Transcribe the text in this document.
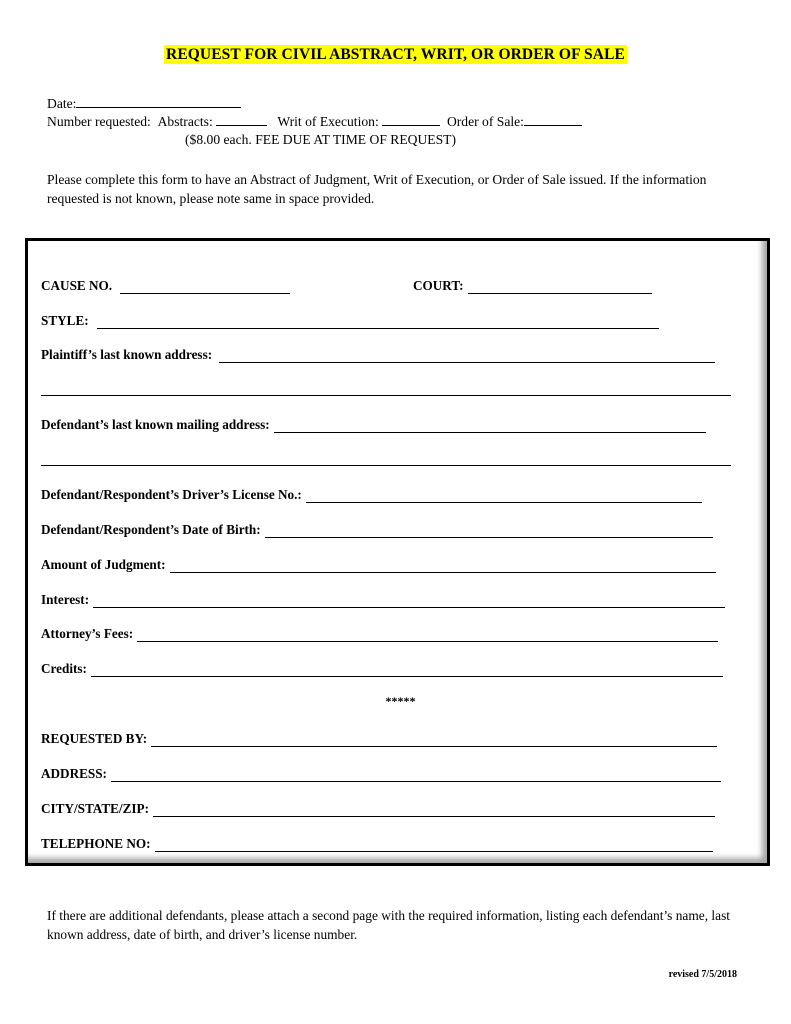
REQUEST FOR CIVIL ABSTRACT, WRIT, OR ORDER OF SALE
Date:
Number requested: Abstracts:	Writ of Execution:	Order of Sale:
($8.00 each. FEE DUE AT TIME OF REQUEST)
Please complete this form to have an Abstract of Judgment, Writ of Execution, or Order of Sale issued. If the information requested is not known, please note same in space provided.
CAUSE NO.	COURT:
STYLE:
Plaintiff’s last known address:
Defendant’s last known mailing address:
Defendant/Respondent’s Driver’s License No.:
Defendant/Respondent’s Date of Birth:
Amount of Judgment:
Interest:
Attorney’s Fees:
Credits:
*****
REQUESTED BY:
ADDRESS:
CITY/STATE/ZIP:
TELEPHONE NO:
If there are additional defendants, please attach a second page with the required information, listing each defendant’s name, last known address, date of birth, and driver’s license number.
revised 7/5/2018
